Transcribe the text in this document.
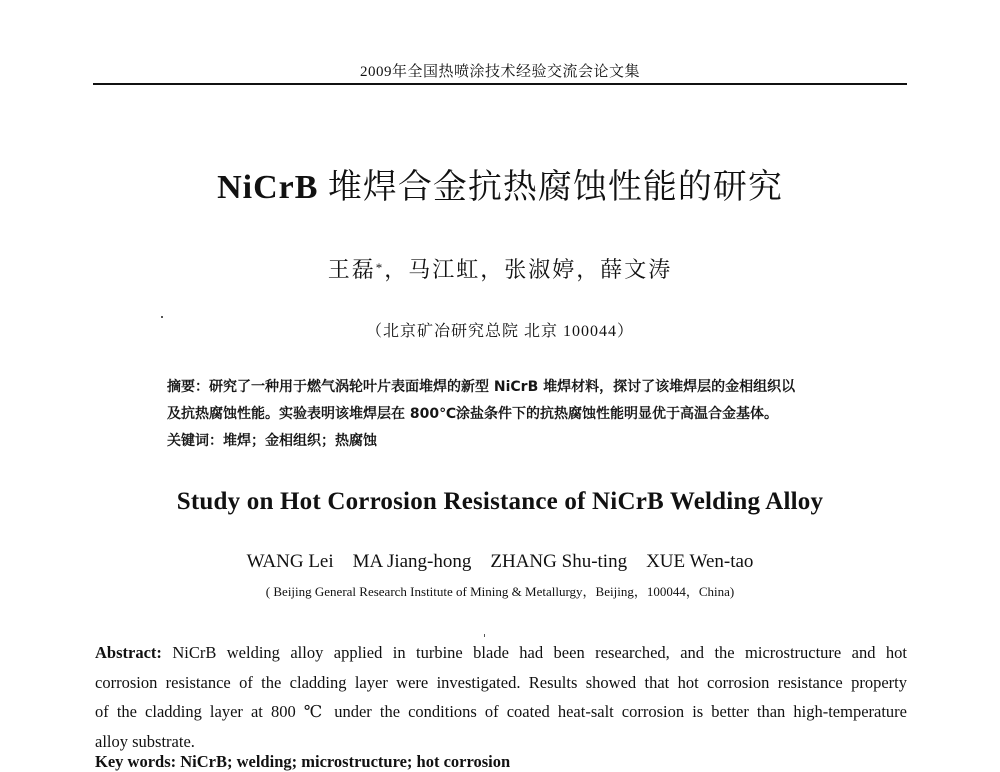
2009年全国热喷涂技术经验交流会论文集
NiCrB 堆焊合金抗热腐蚀性能的研究
王磊*，马江虹，张淑婷，薛文涛
（北京矿冶研究总院 北京 100044）
摘要：研究了一种用于燃气涡轮叶片表面堆焊的新型 NiCrB 堆焊材料，探讨了该堆焊层的金相组织以
及抗热腐蚀性能。实验表明该堆焊层在 800℃涂盐条件下的抗热腐蚀性能明显优于高温合金基体。
关键词：堆焊；金相组织；热腐蚀
Study on Hot Corrosion Resistance of NiCrB Welding Alloy
WANG Lei    MA Jiang-hong    ZHANG Shu-ting    XUE Wen-tao
( Beijing General Research Institute of Mining & Metallurgy，Beijing，100044，China)
Abstract: NiCrB welding alloy applied in turbine blade had been researched, and the microstructure and hot
corrosion resistance of the cladding layer were investigated. Results showed that hot corrosion resistance property
of the cladding layer at 800 ℃ under the conditions of coated heat-salt corrosion is better than high-temperature
alloy substrate.
Key words: NiCrB; welding; microstructure; hot corrosion
